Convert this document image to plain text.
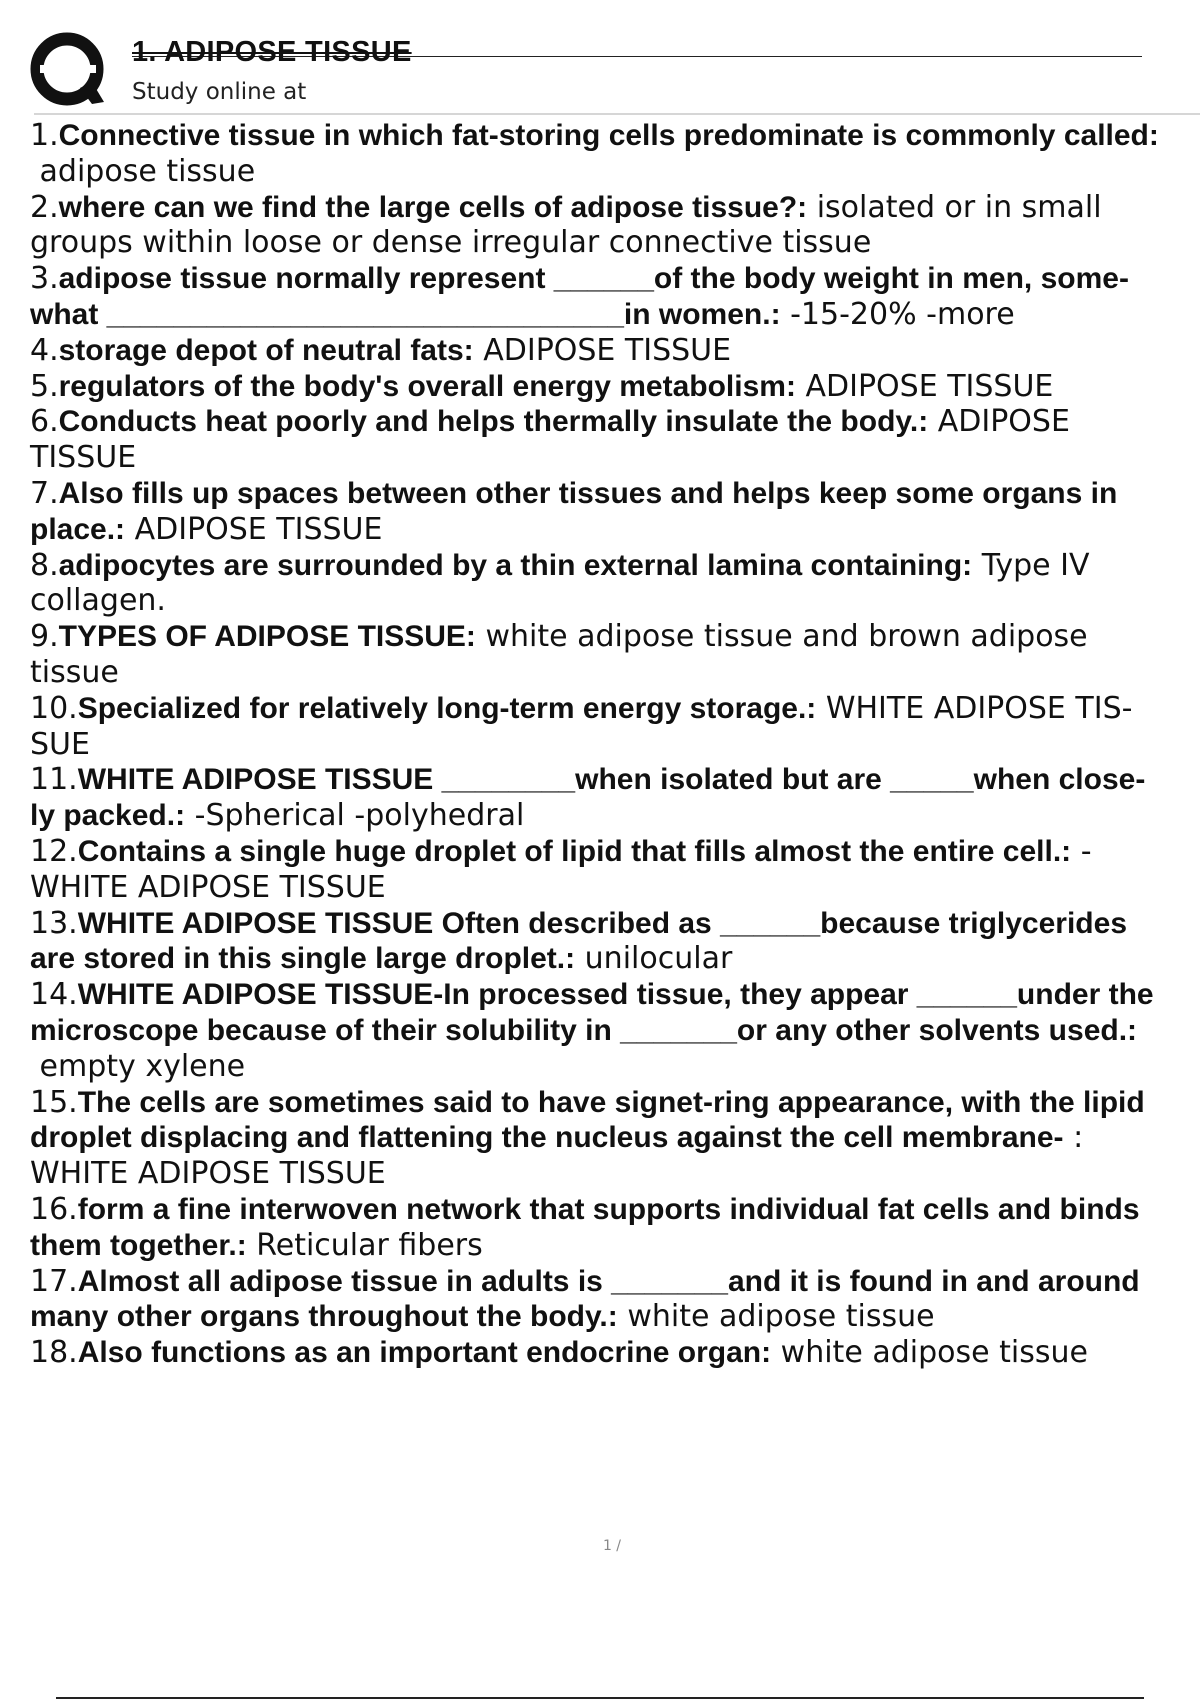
1. ADIPOSE TISSUE
Study online at
1.Connective tissue in which fat-storing cells predominate is commonly called: adipose tissue
2.where can we find the large cells of adipose tissue?: isolated or in small groups within loose or dense irregular connective tissue
3.adipose tissue normally represent ______of the body weight in men, some- what _______________________________in women.: -15-20% -more
4.storage depot of neutral fats: ADIPOSE TISSUE
5.regulators of the body's overall energy metabolism: ADIPOSE TISSUE
6.Conducts heat poorly and helps thermally insulate the body.: ADIPOSE TISSUE
7.Also fills up spaces between other tissues and helps keep some organs in place.: ADIPOSE TISSUE
8.adipocytes are surrounded by a thin external lamina containing: Type IV collagen.
9.TYPES OF ADIPOSE TISSUE: white adipose tissue and brown adipose tissue
10.Specialized for relatively long-term energy storage.: WHITE ADIPOSE TIS- SUE
11.WHITE ADIPOSE TISSUE ________when isolated but are _____when close- ly packed.: -Spherical -polyhedral
12.Contains a single huge droplet of lipid that fills almost the entire cell.: - WHITE ADIPOSE TISSUE
13.WHITE ADIPOSE TISSUE Often described as ______because triglycerides are stored in this single large droplet.: unilocular
14.WHITE ADIPOSE TISSUE-In processed tissue, they appear ______under the microscope because of their solubility in _______or any other solvents used.: empty xylene
15.The cells are sometimes said to have signet-ring appearance, with the lipid droplet displacing and flattening the nucleus against the cell membrane- : WHITE ADIPOSE TISSUE
16.form a fine interwoven network that supports individual fat cells and binds them together.: Reticular fibers
17.Almost all adipose tissue in adults is _______and it is found in and around many other organs throughout the body.: white adipose tissue
18.Also functions as an important endocrine organ: white adipose tissue
1 /
